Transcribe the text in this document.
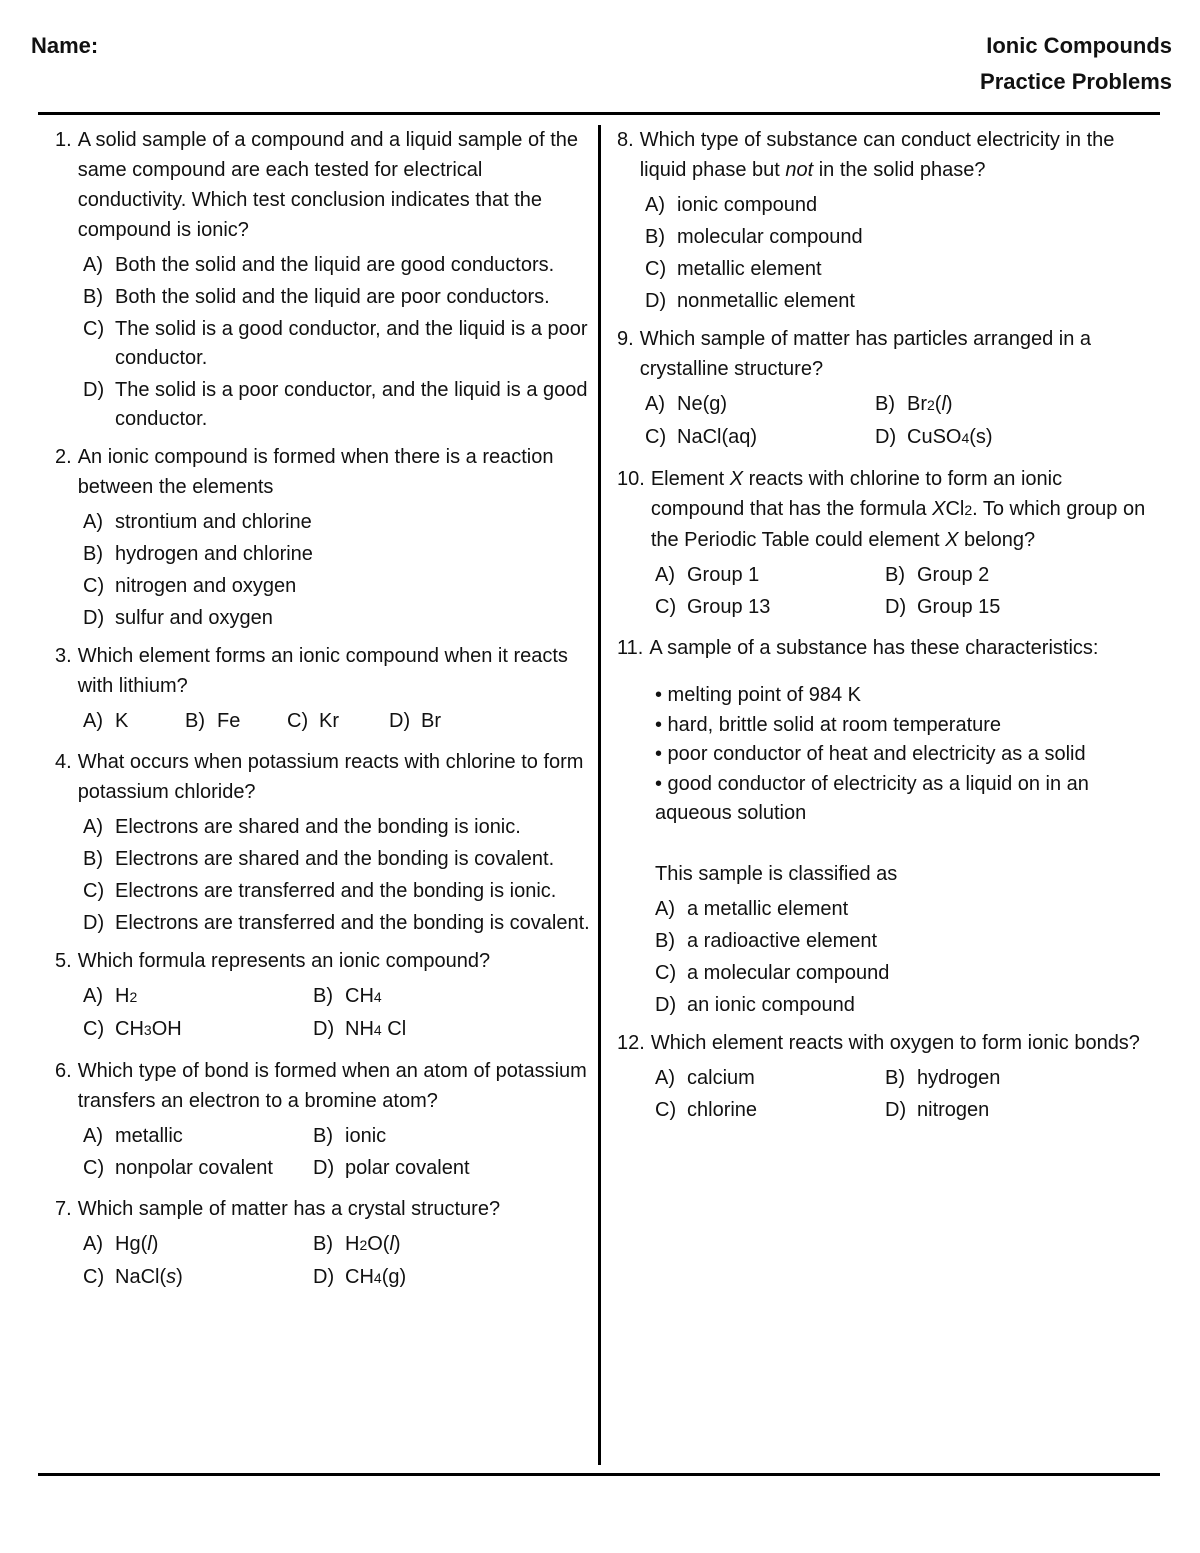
Name:	Ionic Compounds
Practice Problems
1. A solid sample of a compound and a liquid sample of the same compound are each tested for electrical conductivity. Which test conclusion indicates that the compound is ionic?
A) Both the solid and the liquid are good conductors.
B) Both the solid and the liquid are poor conductors.
C) The solid is a good conductor, and the liquid is a poor conductor.
D) The solid is a poor conductor, and the liquid is a good conductor.
2. An ionic compound is formed when there is a reaction between the elements
A) strontium and chlorine
B) hydrogen and chlorine
C) nitrogen and oxygen
D) sulfur and oxygen
3. Which element forms an ionic compound when it reacts with lithium?
A) K	B) Fe	C) Kr	D) Br
4. What occurs when potassium reacts with chlorine to form potassium chloride?
A) Electrons are shared and the bonding is ionic.
B) Electrons are shared and the bonding is covalent.
C) Electrons are transferred and the bonding is ionic.
D) Electrons are transferred and the bonding is covalent.
5. Which formula represents an ionic compound?
A) H2	B) CH4
C) CH3OH	D) NH4 Cl
6. Which type of bond is formed when an atom of potassium transfers an electron to a bromine atom?
A) metallic	B) ionic
C) nonpolar covalent	D) polar covalent
7. Which sample of matter has a crystal structure?
A) Hg(l)	B) H2O(l)
C) NaCl(s)	D) CH4(g)
8. Which type of substance can conduct electricity in the liquid phase but not in the solid phase?
A) ionic compound
B) molecular compound
C) metallic element
D) nonmetallic element
9. Which sample of matter has particles arranged in a crystalline structure?
A) Ne(g)	B) Br2(l)
C) NaCl(aq)	D) CuSO4(s)
10. Element X reacts with chlorine to form an ionic compound that has the formula XCl2. To which group on the Periodic Table could element X belong?
A) Group 1	B) Group 2
C) Group 13	D) Group 15
11. A sample of a substance has these characteristics:
• melting point of 984 K
• hard, brittle solid at room temperature
• poor conductor of heat and electricity as a solid
• good conductor of electricity as a liquid on in an aqueous solution
This sample is classified as
A) a metallic element
B) a radioactive element
C) a molecular compound
D) an ionic compound
12. Which element reacts with oxygen to form ionic bonds?
A) calcium	B) hydrogen
C) chlorine	D) nitrogen
